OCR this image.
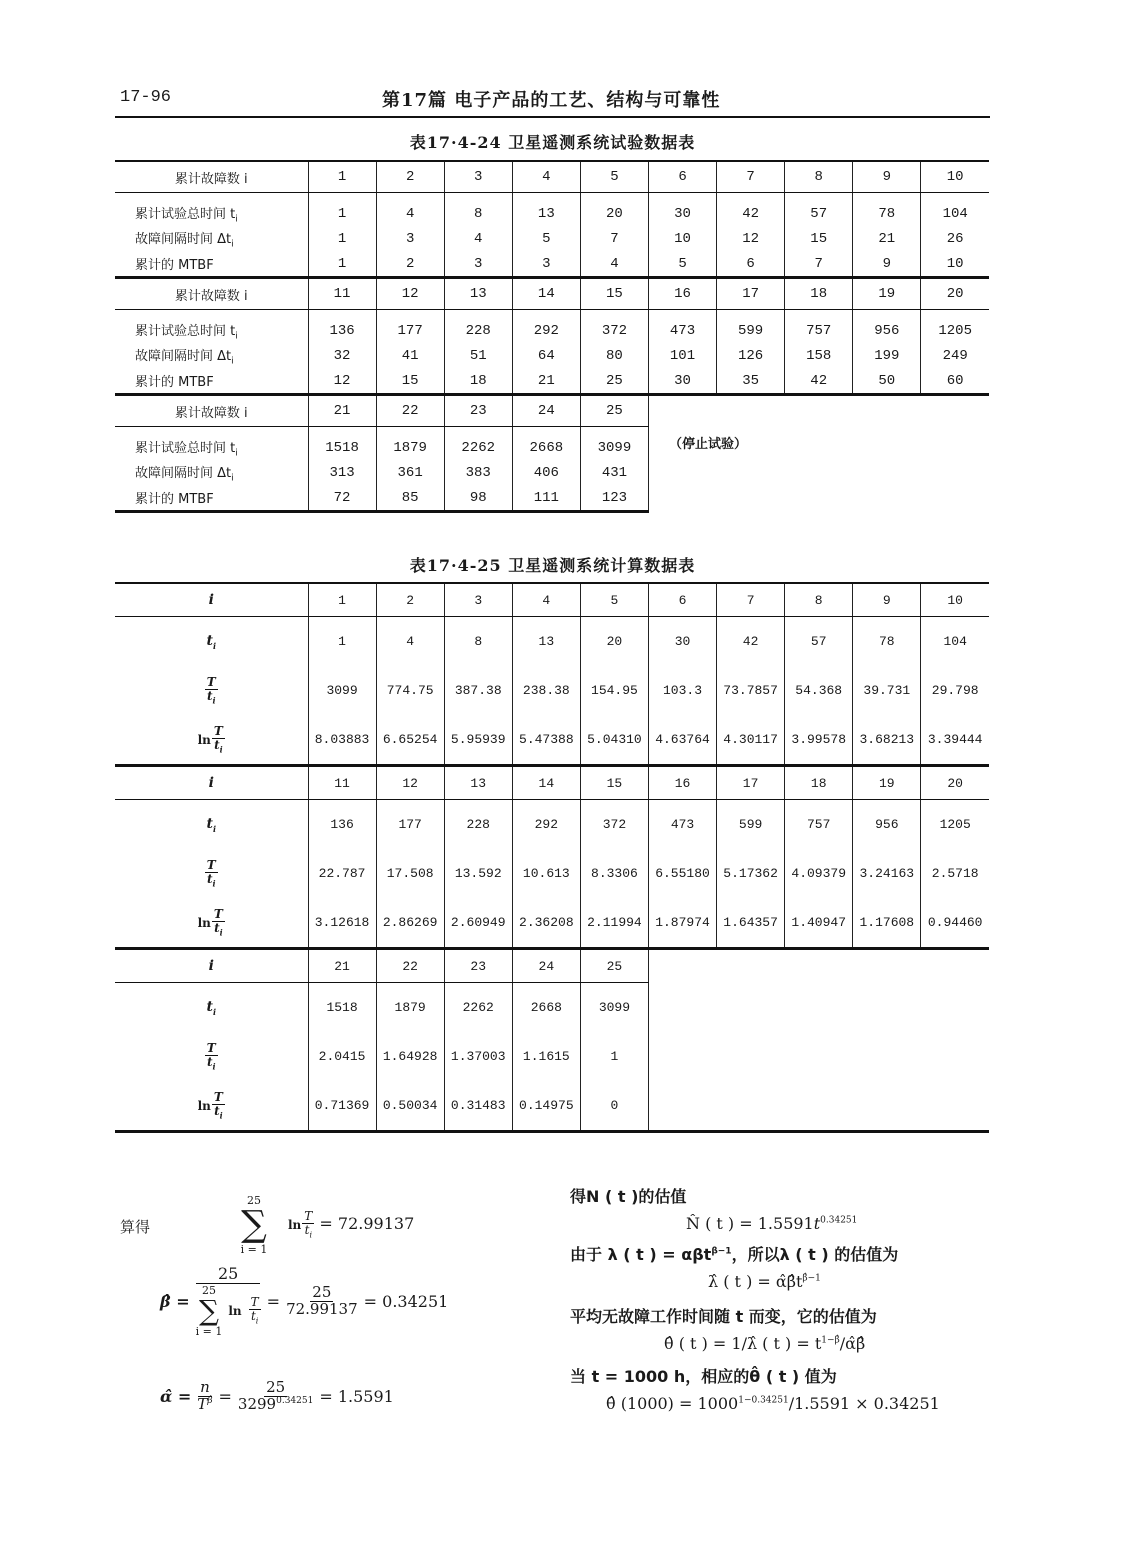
17-96	第17篇 电子产品的工艺、结构与可靠性
表17·4-24 卫星遥测系统试验数据表
累计故障数 i	1	2	3	4	5	6	7	8	9	10
累计试验总时间 $t_i$	1	4	8	13	20	30	42	57	78	104
故障间隔时间 $\Delta t_i$	1	3	4	5	7	10	12	15	21	26
累计的 MTBF	1	2	3	3	4	5	6	7	9	10
累计故障数 i	11	12	13	14	15	16	17	18	19	20
累计试验总时间 $t_i$	136	177	228	292	372	473	599	757	956	1205
故障间隔时间 $\Delta t_i$	32	41	51	64	80	101	126	158	199	249
累计的 MTBF	12	15	18	21	25	30	35	42	50	60
累计故障数 i	21	22	23	24	25					
累计试验总时间 $t_i$	1518	1879	2262	2668	3099	（停止试验）				
故障间隔时间 $\Delta t_i$	313	361	383	406	431					
累计的 MTBF	72	85	98	111	123					
表17·4-25 卫星遥测系统计算数据表
i	1	2	3	4	5	6	7	8	9	10
$t_i$	1	4	8	13	20	30	42	57	78	104

$\frac{T}{t_i}$	3099	774.75	387.38	238.38	154.95	103.3	73.7857	54.368	39.731	29.798
$\ln \frac{T}{t_i}$	8.03883	6.65254	5.95939	5.47388	5.04310	4.63764	4.30117	3.99578	3.68213	3.39444
i	11	12	13	14	15	16	17	18	19	20
$t_i$	136	177	228	292	372	473	599	757	956	1205

$\frac{T}{t_i}$	22.787	17.508	13.592	10.613	8.3306	6.55180	5.17362	4.09379	3.24163	2.5718
$\ln \frac{T}{t_i}$	3.12618	2.86269	2.60949	2.36208	2.11994	1.87974	1.64357	1.40947	1.17608	0.94460
i	21	22	23	24	25					
$t_i$	1518	1879	2262	2668	3099					

$\frac{T}{t_i}$	2.0415	1.64928	1.37003	1.1615	1					
$\ln \frac{T}{t_i}$	0.71369	0.50034	0.31483	0.14975	0					
算得
25
∑
i = 1
$\ln \frac{T}{t_i} = 72.99137$
β̂ =
25
25
∑
i = 1
$\ln \frac{T}{t_i} = \frac{25}{72.99137} = 0.34251$
α̂ = $\frac{n}{T^{\betâ}} = \frac{25}{3299^{0.34251}} = 1.5591$
得N ( t )的估值
N̂ ( t ) = $1.5591t^{0.34251}$
由于 λ ( t ) = αβt$^{\beta-1}$，所以λ ( t ) 的估值为
λ̂ ( t ) = $\alphâ\betât^{\betâ-1}$
平均无故障工作时间随 t 而变，它的估值为
θ̂ ( t ) = 1/λ̂ ( t ) = $t^{1-\betâ}/\alphâ\betâ$
当 t = 1000 h，相应的θ̂ ( t ) 值为
θ̂ $(1000) = 1000^{1-0.34251}/1.5591 \times 0.34251$
